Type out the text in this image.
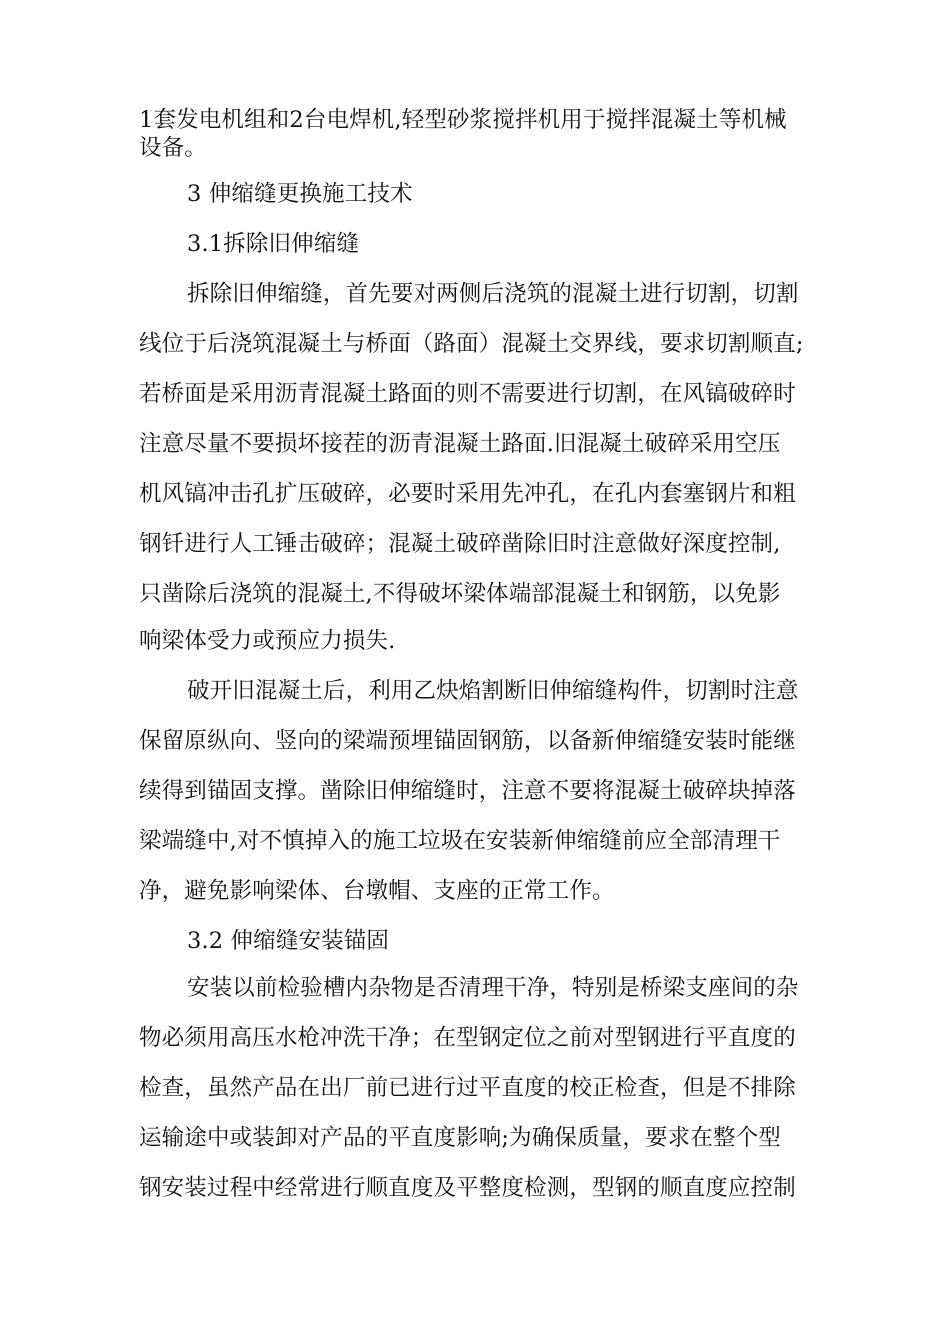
1套发电机组和2台电焊机,轻型砂浆搅拌机用于搅拌混凝土等机械
设备。
3 伸缩缝更换施工技术
3.1拆除旧伸缩缝
拆除旧伸缩缝，首先要对两侧后浇筑的混凝土进行切割，切割
线位于后浇筑混凝土与桥面（路面）混凝土交界线，要求切割顺直;
若桥面是采用沥青混凝土路面的则不需要进行切割，在风镐破碎时
注意尽量不要损坏接茬的沥青混凝土路面.旧混凝土破碎采用空压
机风镐冲击孔扩压破碎，必要时采用先冲孔，在孔内套塞钢片和粗
钢钎进行人工锤击破碎；混凝土破碎凿除旧时注意做好深度控制,
只凿除后浇筑的混凝土,不得破坏梁体端部混凝土和钢筋，以免影
响梁体受力或预应力损失.
破开旧混凝土后，利用乙炔焰割断旧伸缩缝构件，切割时注意
保留原纵向、竖向的梁端预埋锚固钢筋，以备新伸缩缝安装时能继
续得到锚固支撑。凿除旧伸缩缝时，注意不要将混凝土破碎块掉落
梁端缝中,对不慎掉入的施工垃圾在安装新伸缩缝前应全部清理干
净，避免影响梁体、台墩帽、支座的正常工作。
3.2 伸缩缝安装锚固
安装以前检验槽内杂物是否清理干净，特别是桥梁支座间的杂
物必须用高压水枪冲洗干净；在型钢定位之前对型钢进行平直度的
检查，虽然产品在出厂前已进行过平直度的校正检查，但是不排除
运输途中或装卸对产品的平直度影响;为确保质量，要求在整个型
钢安装过程中经常进行顺直度及平整度检测，型钢的顺直度应控制
